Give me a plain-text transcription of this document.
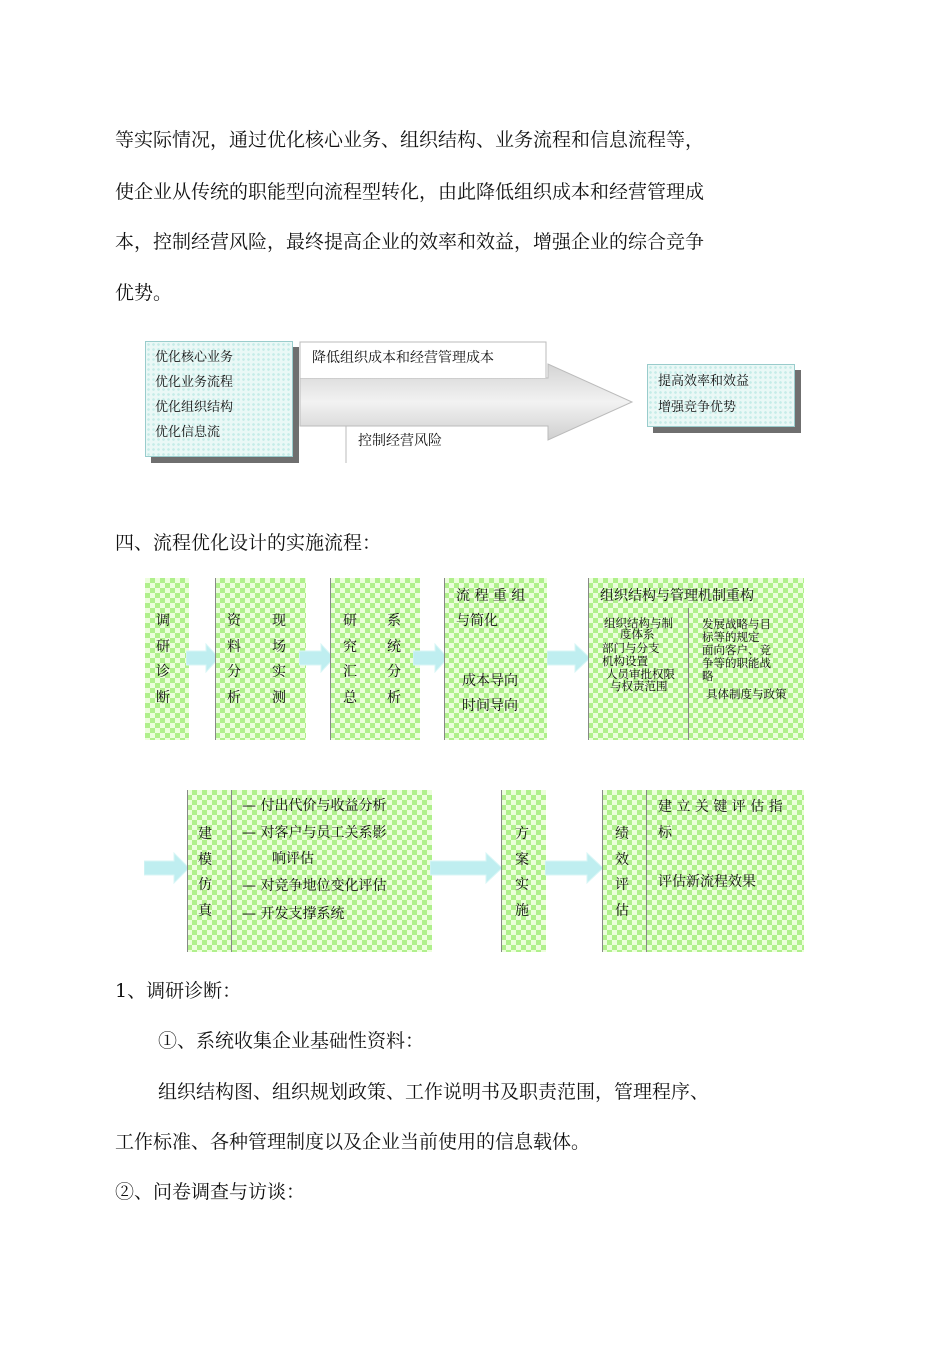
等实际情况，通过优化核心业务、组织结构、业务流程和信息流程等，
使企业从传统的职能型向流程型转化，由此降低组织成本和经营管理成
本，控制经营风险，最终提高企业的效率和效益，增强企业的综合竞争
优势。
优化核心业务
优化业务流程
优化组织结构
优化信息流
降低组织成本和经营管理成本
控制经营风险
提高效率和效益
增强竞争优势
四、流程优化设计的实施流程：
调研诊断
资料分析
现场实测
研究汇总
系统分析
流 程 重 组
与简化
成本导向
时间导向
组织结构与管理机制重构
组织结构与制
度体系
部门与分支
机构设置
人员审批权限
与权责范围
发展战略与目
标等的规定
面向客户、竞
争等的职能战
略
具体制度与政策
建模仿真
— 付出代价与收益分析
— 对客户与员工关系影
响评估
— 对竞争地位变化评估
— 开发支撑系统
方案实施
绩效评估
建 立 关 键 评 估 指
标
评估新流程效果
1、调研诊断：
①、系统收集企业基础性资料：
组织结构图、组织规划政策、工作说明书及职责范围，管理程序、
工作标准、各种管理制度以及企业当前使用的信息载体。
②、问卷调查与访谈：
